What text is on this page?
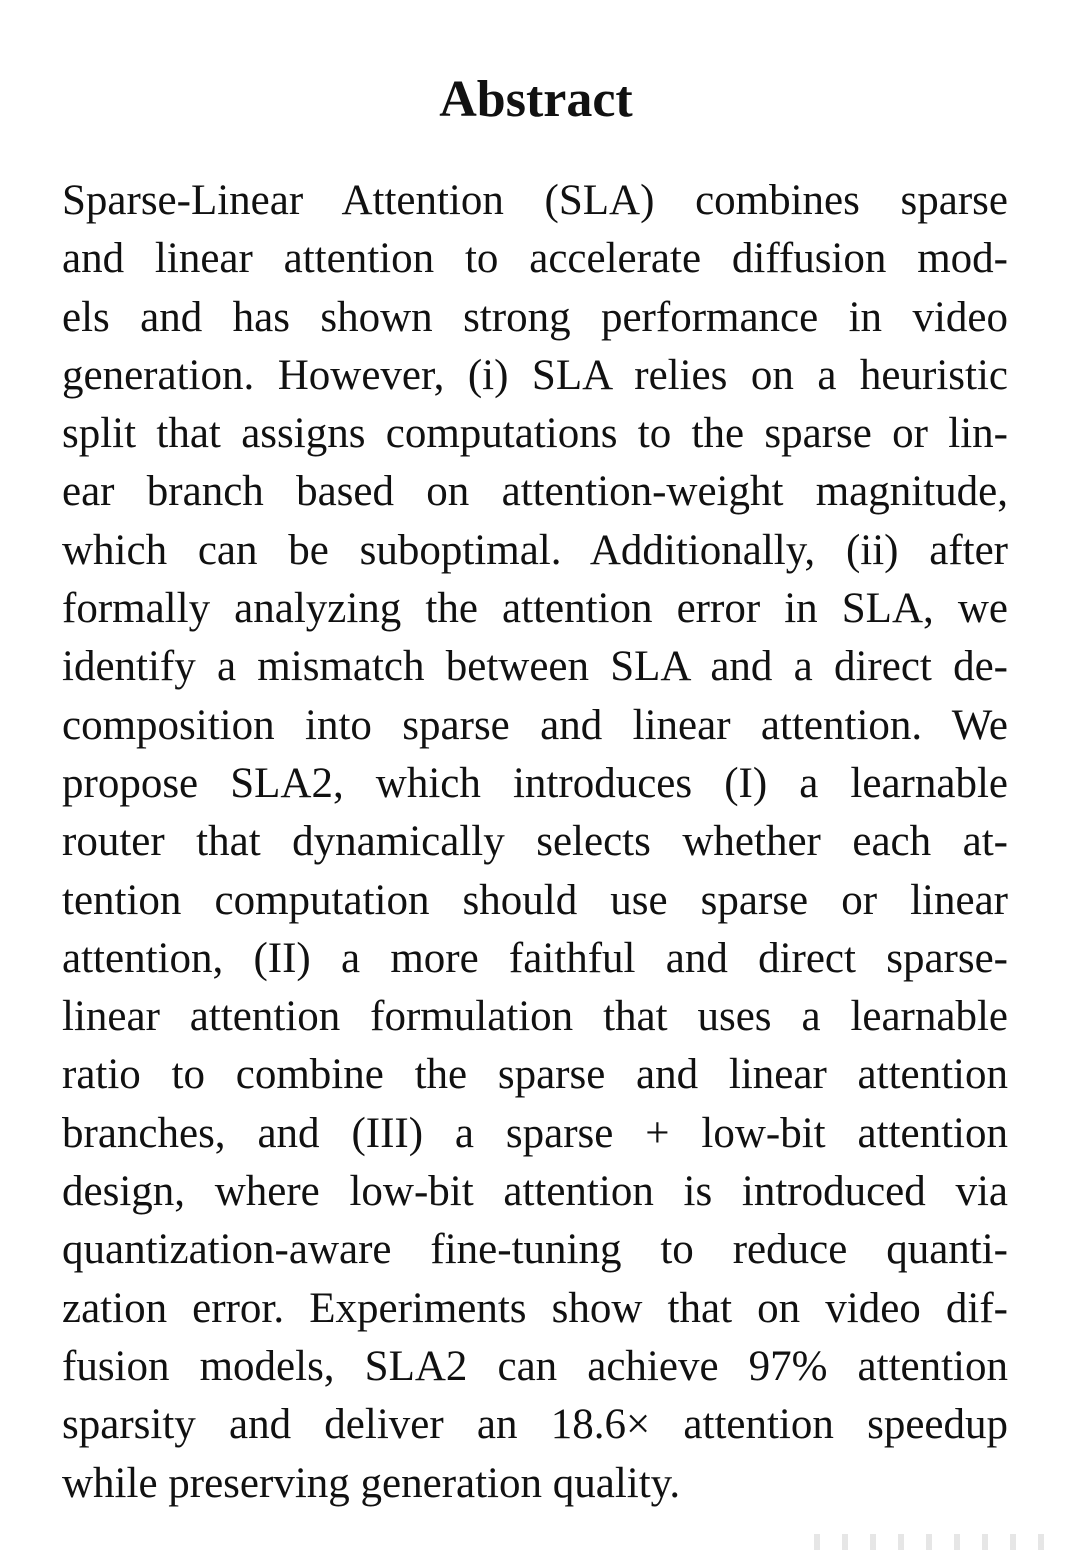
Abstract
Sparse-Linear Attention (SLA) combines sparse
and linear attention to accelerate diffusion mod-
els and has shown strong performance in video
generation. However, (i) SLA relies on a heuristic
split that assigns computations to the sparse or lin-
ear branch based on attention-weight magnitude,
which can be suboptimal. Additionally, (ii) after
formally analyzing the attention error in SLA, we
identify a mismatch between SLA and a direct de-
composition into sparse and linear attention. We
propose SLA2, which introduces (I) a learnable
router that dynamically selects whether each at-
tention computation should use sparse or linear
attention, (II) a more faithful and direct sparse-
linear attention formulation that uses a learnable
ratio to combine the sparse and linear attention
branches, and (III) a sparse + low-bit attention
design, where low-bit attention is introduced via
quantization-aware fine-tuning to reduce quanti-
zation error. Experiments show that on video dif-
fusion models, SLA2 can achieve 97% attention
sparsity and deliver an 18.6× attention speedup
while preserving generation quality.
